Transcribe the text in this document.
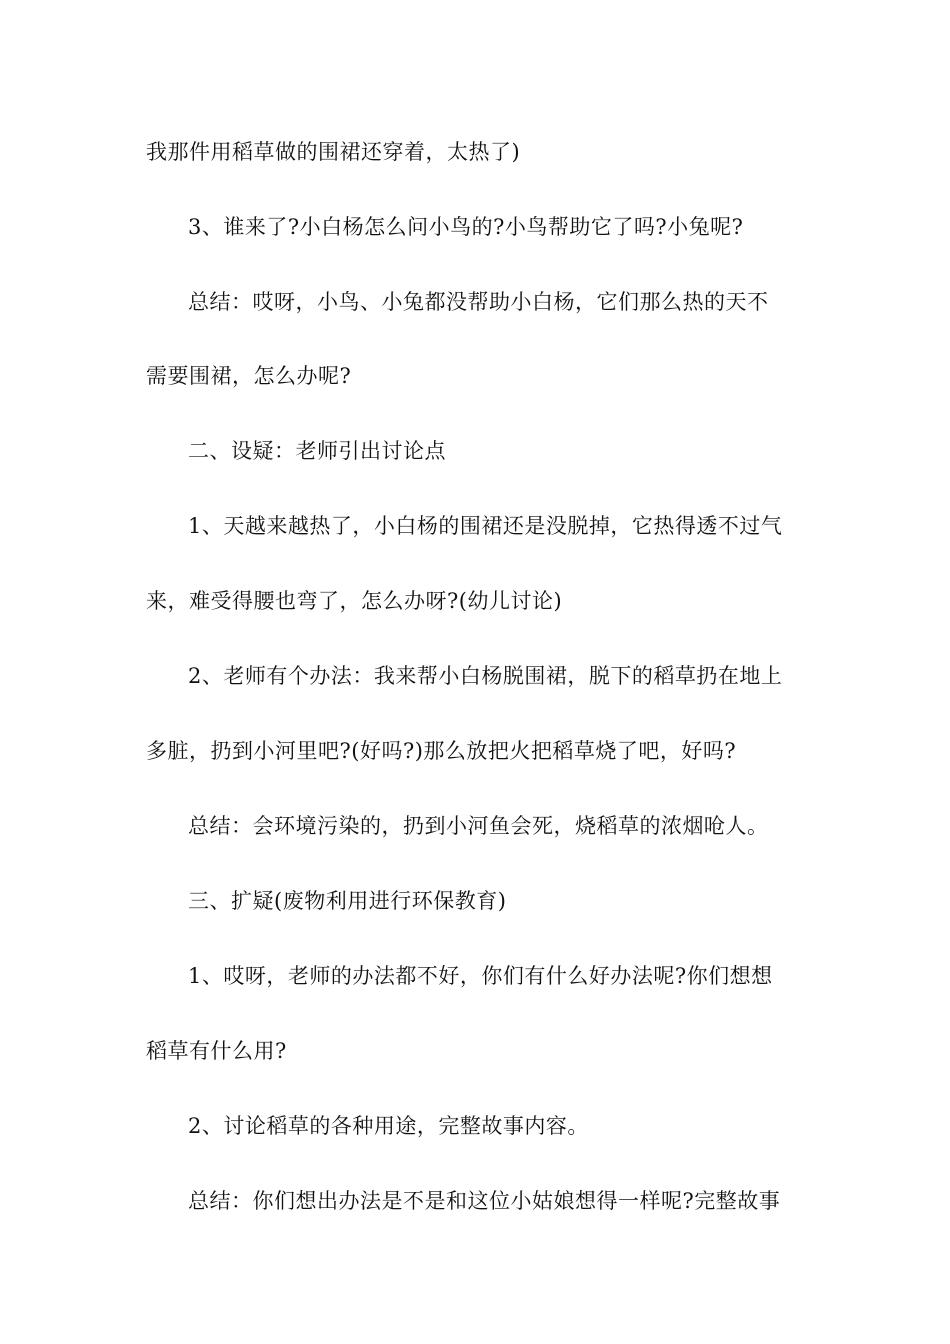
我那件用稻草做的围裙还穿着，太热了)
3、谁来了?小白杨怎么问小鸟的?小鸟帮助它了吗?小兔呢?
总结：哎呀，小鸟、小兔都没帮助小白杨，它们那么热的天不
需要围裙，怎么办呢?
二、设疑：老师引出讨论点
1、天越来越热了，小白杨的围裙还是没脱掉，它热得透不过气
来，难受得腰也弯了，怎么办呀?(幼儿讨论)
2、老师有个办法：我来帮小白杨脱围裙，脱下的稻草扔在地上
多脏，扔到小河里吧?(好吗?)那么放把火把稻草烧了吧，好吗?
总结：会环境污染的，扔到小河鱼会死，烧稻草的浓烟呛人。
三、扩疑(废物利用进行环保教育)
1、哎呀，老师的办法都不好，你们有什么好办法呢?你们想想
稻草有什么用?
2、讨论稻草的各种用途，完整故事内容。
总结：你们想出办法是不是和这位小姑娘想得一样呢?完整故事
